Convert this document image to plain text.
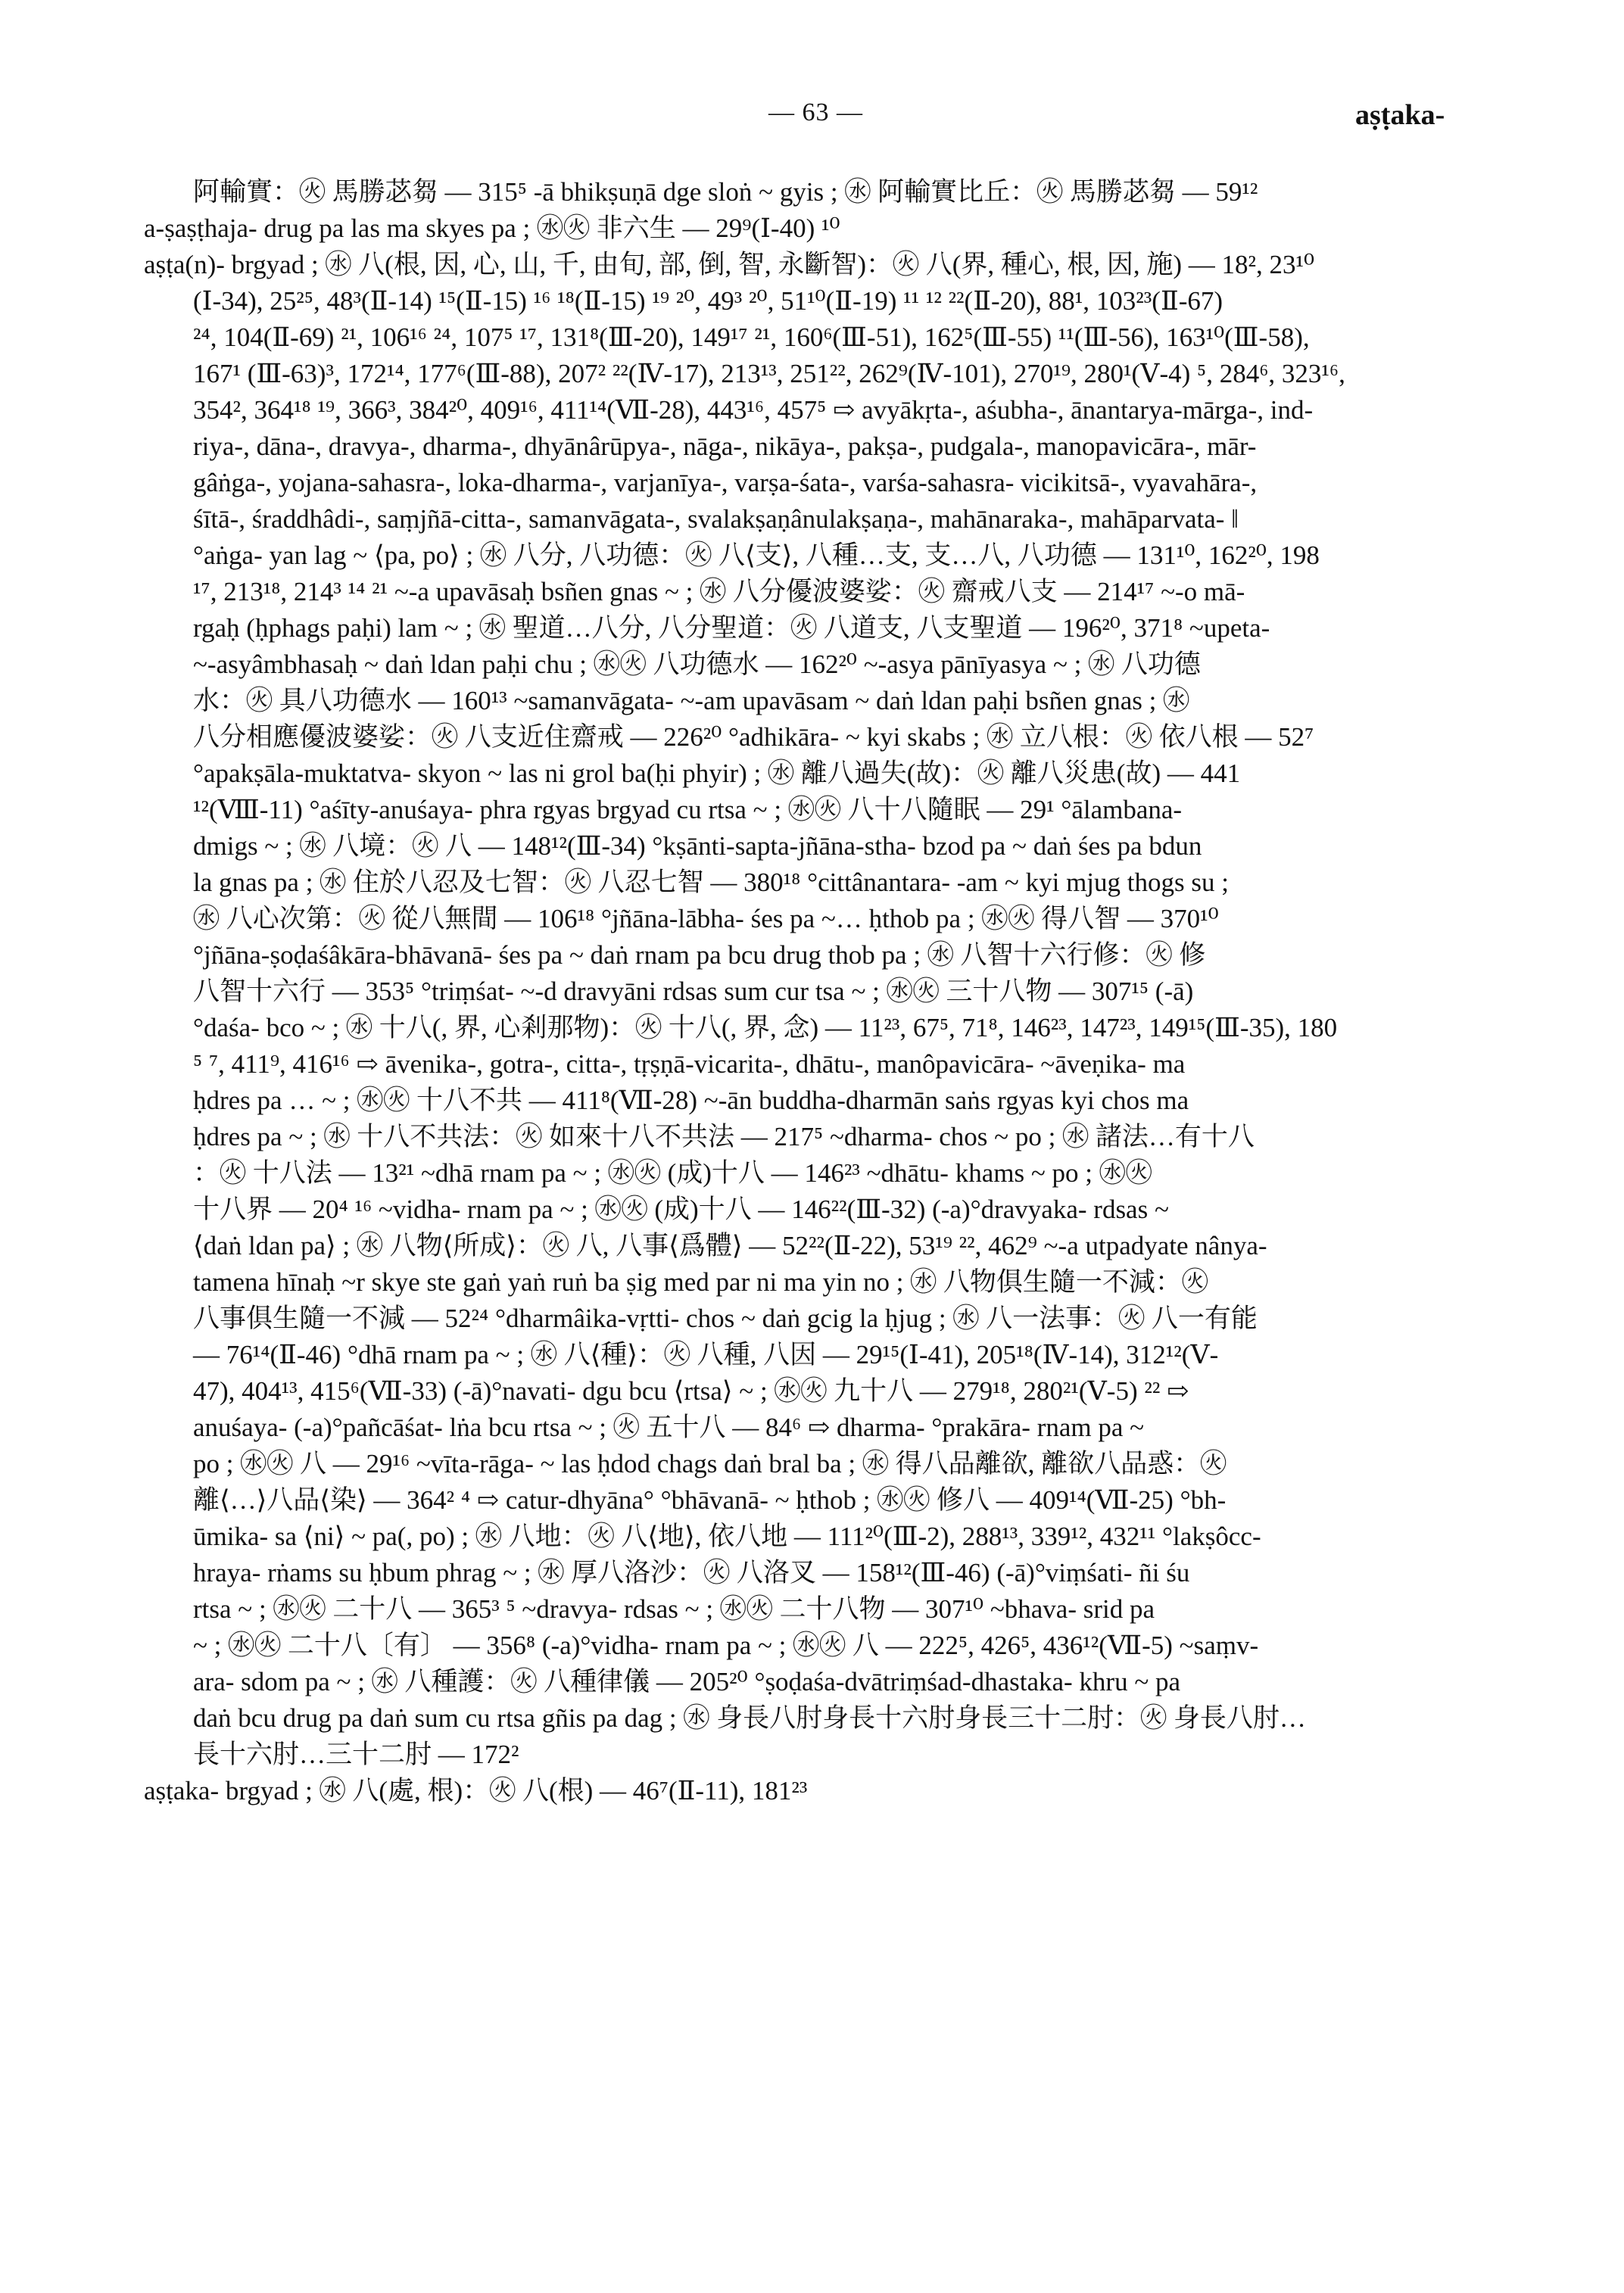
— 63 —	aṣṭaka-
阿輸實：㊋ 馬勝苾芻 — 315⁵ -ā bhikṣuṇā dge sloṅ ~ gyis ; ㊌ 阿輸實比丘：㊋ 馬勝苾芻 — 59¹²
a-ṣaṣṭhaja- drug pa las ma skyes pa ; ㊌㊋ 非六生 — 29⁹(Ⅰ-40) ¹⁰
aṣṭa(n)- brgyad ; ㊌ 八(根, 因, 心, 山, 千, 由旬, 部, 倒, 智, 永斷智)：㊋ 八(界, 種心, 根, 因, 施) — 18², 23¹⁰
(Ⅰ-34), 25²⁵, 48³(Ⅱ-14) ¹⁵(Ⅱ-15) ¹⁶ ¹⁸(Ⅱ-15) ¹⁹ ²⁰, 49³ ²⁰, 51¹⁰(Ⅱ-19) ¹¹ ¹² ²²(Ⅱ-20), 88¹, 103²³(Ⅱ-67)
²⁴, 104(Ⅱ-69) ²¹, 106¹⁶ ²⁴, 107⁵ ¹⁷, 131⁸(Ⅲ-20), 149¹⁷ ²¹, 160⁶(Ⅲ-51), 162⁵(Ⅲ-55) ¹¹(Ⅲ-56), 163¹⁰(Ⅲ-58),
167¹ (Ⅲ-63)³, 172¹⁴, 177⁶(Ⅲ-88), 207² ²²(Ⅳ-17), 213¹³, 251²², 262⁹(Ⅳ-101), 270¹⁹, 280¹(Ⅴ-4) ⁵, 284⁶, 323¹⁶,
354², 364¹⁸ ¹⁹, 366³, 384²⁰, 409¹⁶, 411¹⁴(Ⅶ-28), 443¹⁶, 457⁵ ⇨ avyākṛta-, aśubha-, ānantarya-mārga-, ind-
riya-, dāna-, dravya-, dharma-, dhyānârūpya-, nāga-, nikāya-, pakṣa-, pudgala-, manopavicāra-, mār-
gâṅga-, yojana-sahasra-, loka-dharma-, varjanīya-, varṣa-śata-, varśa-sahasra- vicikitsā-, vyavahāra-,
śītā-, śraddhâdi-, saṃjñā-citta-, samanvāgata-, svalakṣaṇânulakṣaṇa-, mahānaraka-, mahāparvata- ‖
°aṅga- yan lag ~ ⟨pa, po⟩ ; ㊌ 八分, 八功德：㊋ 八⟨支⟩, 八種…支, 支…八, 八功德 — 131¹⁰, 162²⁰, 198
¹⁷, 213¹⁸, 214³ ¹⁴ ²¹ ~-a upavāsaḥ bsñen gnas ~ ; ㊌ 八分優波婆娑：㊋ 齋戒八支 — 214¹⁷ ~-o mā-
rgaḥ (ḥphags paḥi) lam ~ ; ㊌ 聖道…八分, 八分聖道：㊋ 八道支, 八支聖道 — 196²⁰, 371⁸ ~upeta-
~-asyâmbhasaḥ ~ daṅ ldan paḥi chu ; ㊌㊋ 八功德水 — 162²⁰ ~-asya pānīyasya ~ ; ㊌ 八功德
水：㊋ 具八功德水 — 160¹³ ~samanvāgata- ~-am upavāsam ~ daṅ ldan paḥi bsñen gnas ; ㊌
八分相應優波婆娑：㊋ 八支近住齋戒 — 226²⁰ °adhikāra- ~ kyi skabs ; ㊌ 立八根：㊋ 依八根 — 52⁷
°apakṣāla-muktatva- skyon ~ las ni grol ba(ḥi phyir) ; ㊌ 離八過失(故)：㊋ 離八災患(故) — 441
¹²(Ⅷ-11) °aśīty-anuśaya- phra rgyas brgyad cu rtsa ~ ; ㊌㊋ 八十八隨眠 — 29¹ °ālambana-
dmigs ~ ; ㊌ 八境：㊋ 八 — 148¹²(Ⅲ-34) °kṣānti-sapta-jñāna-stha- bzod pa ~ daṅ śes pa bdun
la gnas pa ; ㊌ 住於八忍及七智：㊋ 八忍七智 — 380¹⁸ °cittânantara- -am ~ kyi mjug thogs su ;
㊌ 八心次第：㊋ 從八無間 — 106¹⁸ °jñāna-lābha- śes pa ~… ḥthob pa ; ㊌㊋ 得八智 — 370¹⁰
°jñāna-ṣoḍaśâkāra-bhāvanā- śes pa ~ daṅ rnam pa bcu drug thob pa ; ㊌ 八智十六行修：㊋ 修
八智十六行 — 353⁵ °triṃśat- ~-d dravyāni rdsas sum cur tsa ~ ; ㊌㊋ 三十八物 — 307¹⁵ (-ā)
°daśa- bco ~ ; ㊌ 十八(, 界, 心剎那物)：㊋ 十八(, 界, 念) — 11²³, 67⁵, 71⁸, 146²³, 147²³, 149¹⁵(Ⅲ-35), 180
⁵ ⁷, 411⁹, 416¹⁶ ⇨ āvenika-, gotra-, citta-, tṛṣṇā-vicarita-, dhātu-, manôpavicāra- ~āveṇika- ma
ḥdres pa … ~ ; ㊌㊋ 十八不共 — 411⁸(Ⅶ-28) ~-ān buddha-dharmān saṅs rgyas kyi chos ma
ḥdres pa ~ ; ㊌ 十八不共法：㊋ 如來十八不共法 — 217⁵ ~dharma- chos ~ po ; ㊌ 諸法…有十八
：㊋ 十八法 — 13²¹ ~dhā rnam pa ~ ; ㊌㊋ (成)十八 — 146²³ ~dhātu- khams ~ po ; ㊌㊋
十八界 — 20⁴ ¹⁶ ~vidha- rnam pa ~ ; ㊌㊋ (成)十八 — 146²²(Ⅲ-32) (-a)°dravyaka- rdsas ~
⟨daṅ ldan pa⟩ ; ㊌ 八物⟨所成⟩：㊋ 八, 八事⟨爲體⟩ — 52²²(Ⅱ-22), 53¹⁹ ²², 462⁹ ~-a utpadyate nânya-
tamena hīnaḥ ~r skye ste gaṅ yaṅ ruṅ ba ṣig med par ni ma yin no ; ㊌ 八物俱生隨一不減：㊋
八事俱生隨一不減 — 52²⁴ °dharmâika-vṛtti- chos ~ daṅ gcig la ḥjug ; ㊌ 八一法事：㊋ 八一有能
— 76¹⁴(Ⅱ-46) °dhā rnam pa ~ ; ㊌ 八⟨種⟩：㊋ 八種, 八因 — 29¹⁵(Ⅰ-41), 205¹⁸(Ⅳ-14), 312¹²(Ⅴ-
47), 404¹³, 415⁶(Ⅶ-33) (-ā)°navati- dgu bcu ⟨rtsa⟩ ~ ; ㊌㊋ 九十八 — 279¹⁸, 280²¹(Ⅴ-5) ²² ⇨
anuśaya- (-a)°pañcāśat- lṅa bcu rtsa ~ ; ㊋ 五十八 — 84⁶ ⇨ dharma- °prakāra- rnam pa ~
po ; ㊌㊋ 八 — 29¹⁶ ~vīta-rāga- ~ las ḥdod chags daṅ bral ba ; ㊌ 得八品離欲, 離欲八品惑：㊋
離⟨…⟩八品⟨染⟩ — 364² ⁴ ⇨ catur-dhyāna° °bhāvanā- ~ ḥthob ; ㊌㊋ 修八 — 409¹⁴(Ⅶ-25) °bh-
ūmika- sa ⟨ni⟩ ~ pa(, po) ; ㊌ 八地：㊋ 八⟨地⟩, 依八地 — 111²⁰(Ⅲ-2), 288¹³, 339¹², 432¹¹ °lakṣôcc-
hraya- rṅams su ḥbum phrag ~ ; ㊌ 厚八洛沙：㊋ 八洛叉 — 158¹²(Ⅲ-46) (-ā)°viṃśati- ñi śu
rtsa ~ ; ㊌㊋ 二十八 — 365³ ⁵ ~dravya- rdsas ~ ; ㊌㊋ 二十八物 — 307¹⁰ ~bhava- srid pa
~ ; ㊌㊋ 二十八〔有〕 — 356⁸ (-a)°vidha- rnam pa ~ ; ㊌㊋ 八 — 222⁵, 426⁵, 436¹²(Ⅶ-5) ~saṃv-
ara- sdom pa ~ ; ㊌ 八種護：㊋ 八種律儀 — 205²⁰ °ṣoḍaśa-dvātriṃśad-dhastaka- khru ~ pa
daṅ bcu drug pa daṅ sum cu rtsa gñis pa dag ; ㊌ 身長八肘身長十六肘身長三十二肘：㊋ 身長八肘…
長十六肘…三十二肘 — 172²
aṣṭaka- brgyad ; ㊌ 八(處, 根)：㊋ 八(根) — 46⁷(Ⅱ-11), 181²³
